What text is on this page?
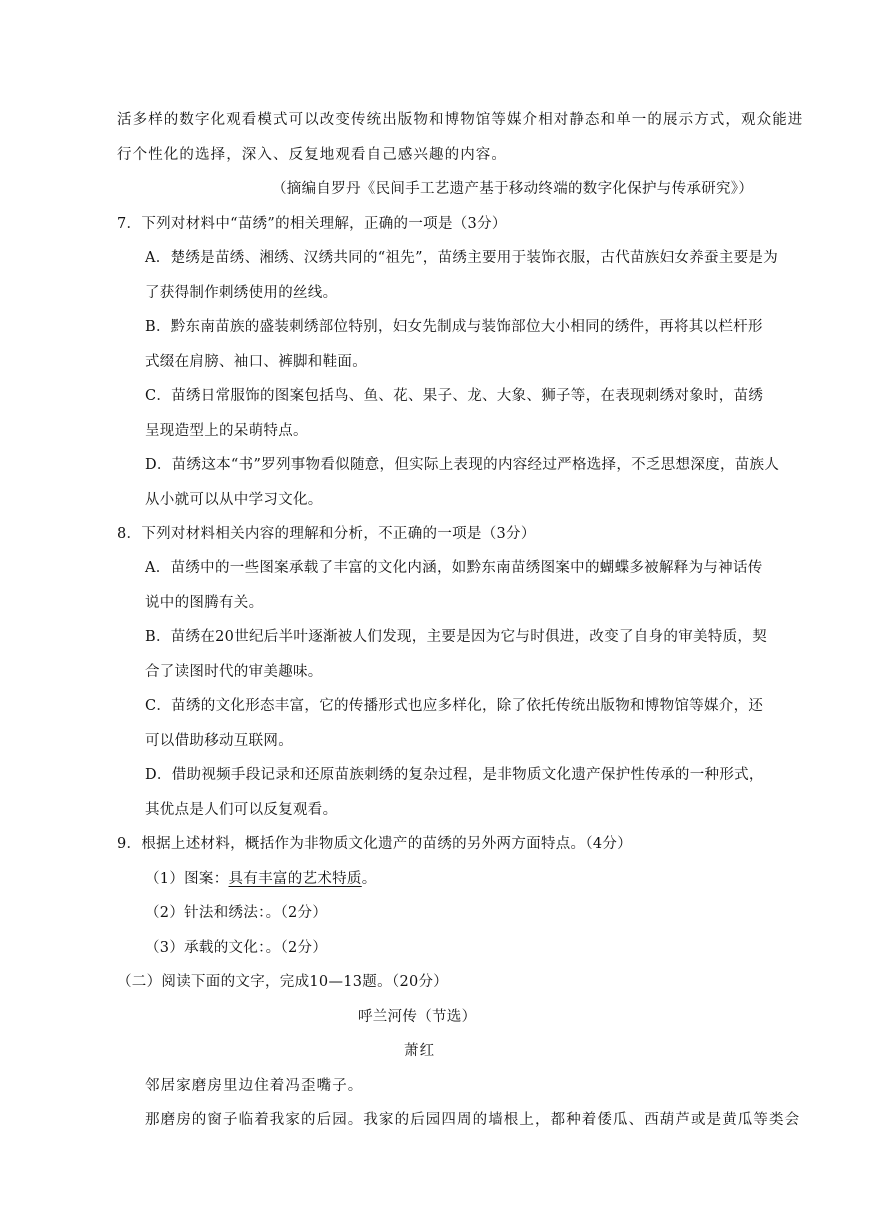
活多样的数字化观看模式可以改变传统出版物和博物馆等媒介相对静态和单一的展示方式，观众能进
行个性化的选择，深入、反复地观看自己感兴趣的内容。
（摘编自罗丹《民间手工艺遗产基于移动终端的数字化保护与传承研究》）
7．下列对材料中“苗绣”的相关理解，正确的一项是（3分）
A．楚绣是苗绣、湘绣、汉绣共同的“祖先”，苗绣主要用于装饰衣服，古代苗族妇女养蚕主要是为
了获得制作刺绣使用的丝线。
B．黔东南苗族的盛装刺绣部位特别，妇女先制成与装饰部位大小相同的绣件，再将其以栏杆形
式缀在肩膀、袖口、裤脚和鞋面。
C．苗绣日常服饰的图案包括鸟、鱼、花、果子、龙、大象、狮子等，在表现刺绣对象时，苗绣
呈现造型上的呆萌特点。
D．苗绣这本“书”罗列事物看似随意，但实际上表现的内容经过严格选择，不乏思想深度，苗族人
从小就可以从中学习文化。
8．下列对材料相关内容的理解和分析，不正确的一项是（3分）
A．苗绣中的一些图案承载了丰富的文化内涵，如黔东南苗绣图案中的蝴蝶多被解释为与神话传
说中的图腾有关。
B．苗绣在20世纪后半叶逐渐被人们发现，主要是因为它与时俱进，改变了自身的审美特质，契
合了读图时代的审美趣味。
C．苗绣的文化形态丰富，它的传播形式也应多样化，除了依托传统出版物和博物馆等媒介，还
可以借助移动互联网。
D．借助视频手段记录和还原苗族刺绣的复杂过程，是非物质文化遗产保护性传承的一种形式，
其优点是人们可以反复观看。
9．根据上述材料，概括作为非物质文化遗产的苗绣的另外两方面特点。（4分）
（1）图案：具有丰富的艺术特质。
（2）针法和绣法：。（2分）
（3）承载的文化：。（2分）
（二）阅读下面的文字，完成10—13题。（20分）
呼兰河传（节选）
萧红
邻居家磨房里边住着冯歪嘴子。
那磨房的窗子临着我家的后园。我家的后园四周的墙根上，都种着倭瓜、西葫芦或是黄瓜等类会
